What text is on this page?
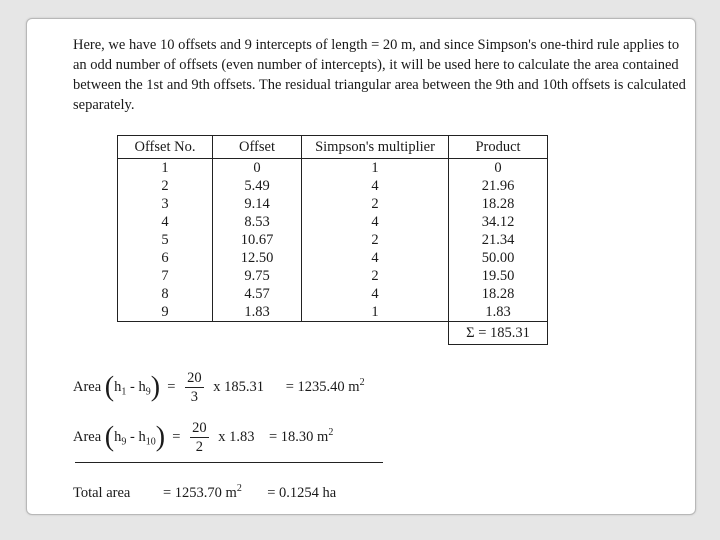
Here, we have 10 offsets and 9 intercepts of length = 20 m, and since Simpson's one-third rule applies to an odd number of offsets (even number of intercepts), it will be used here to calculate the area contained between the 1st and 9th offsets. The residual triangular area between the 9th and 10th offsets is calculated separately.
Offset No.	Offset	Simpson's multiplier	Product
1	0	1	0
2	5.49	4	21.96
3	9.14	2	18.28
4	8.53	4	34.12
5	10.67	2	21.34
6	12.50	4	50.00
7	9.75	2	19.50
8	4.57	4	18.28
9	1.83	1	1.83
			Σ = 185.31
Area $(h_1 - h_9) = \frac{20}{3}$ x 185.31 = 1235.40 $m^2$
Area $(h_9 - h_{10}) = \frac{20}{2}$ x 1.83 = 18.30 $m^2$
Total area = 1253.70 $m^2 = 0.1254$ ha
